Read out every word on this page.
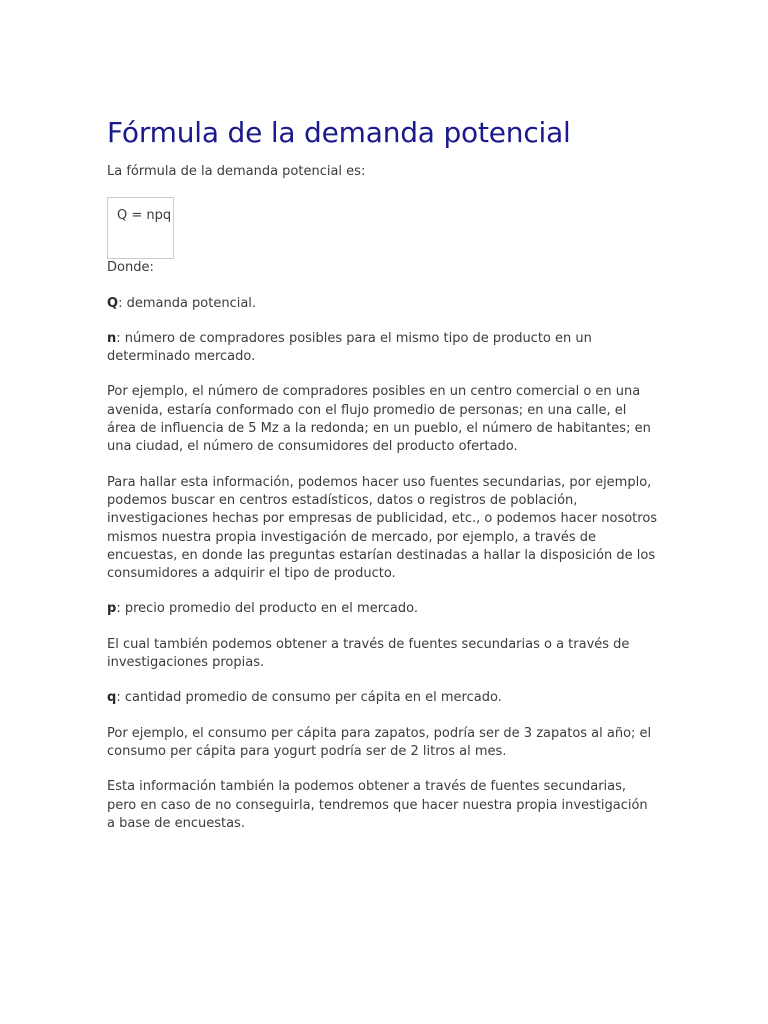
Fórmula de la demanda potencial

La fórmula de la demanda potencial es:

Q = npq

Donde:

Q: demanda potencial.

n: número de compradores posibles para el mismo tipo de producto en un determinado mercado.

Por ejemplo, el número de compradores posibles en un centro comercial o en una avenida, estaría conformado con el flujo promedio de personas; en una calle, el área de influencia de 5 Mz a la redonda; en un pueblo, el número de habitantes; en una ciudad, el número de consumidores del producto ofertado.

Para hallar esta información, podemos hacer uso fuentes secundarias, por ejemplo, podemos buscar en centros estadísticos, datos o registros de población, investigaciones hechas por empresas de publicidad, etc., o podemos hacer nosotros mismos nuestra propia investigación de mercado, por ejemplo, a través de encuestas, en donde las preguntas estarían destinadas a hallar la disposición de los consumidores a adquirir el tipo de producto.

p: precio promedio del producto en el mercado.

El cual también podemos obtener a través de fuentes secundarias o a través de investigaciones propias.

q: cantidad promedio de consumo per cápita en el mercado.

Por ejemplo, el consumo per cápita para zapatos, podría ser de 3 zapatos al año; el consumo per cápita para yogurt podría ser de 2 litros al mes.

Esta información también la podemos obtener a través de fuentes secundarias, pero en caso de no conseguirla, tendremos que hacer nuestra propia investigación a base de encuestas.
